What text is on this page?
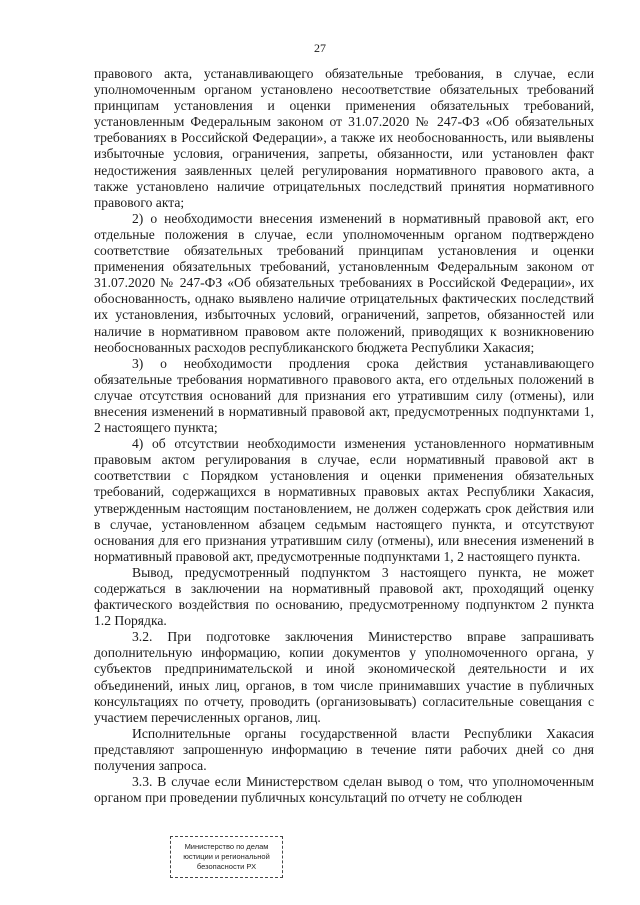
27

правового акта, устанавливающего обязательные требования, в случае, если уполномоченным органом установлено несоответствие обязательных требований принципам установления и оценки применения обязательных требований, установленным Федеральным законом от 31.07.2020 № 247-ФЗ «Об обязательных требованиях в Российской Федерации», а также их необоснованность, или выявлены избыточные условия, ограничения, запреты, обязанности, или установлен факт недостижения заявленных целей регулирования нормативного правового акта, а также установлено наличие отрицательных последствий принятия нормативного правового акта;

2) о необходимости внесения изменений в нормативный правовой акт, его отдельные положения в случае, если уполномоченным органом подтверждено соответствие обязательных требований принципам установления и оценки применения обязательных требований, установленным Федеральным законом от 31.07.2020 № 247-ФЗ «Об обязательных требованиях в Российской Федерации», их обоснованность, однако выявлено наличие отрицательных фактических последствий их установления, избыточных условий, ограничений, запретов, обязанностей или наличие в нормативном правовом акте положений, приводящих к возникновению необоснованных расходов республиканского бюджета Республики Хакасия;

3) о необходимости продления срока действия устанавливающего обязательные требования нормативного правового акта, его отдельных положений в случае отсутствия оснований для признания его утратившим силу (отмены), или внесения изменений в нормативный правовой акт, предусмотренных подпунктами 1, 2 настоящего пункта;

4) об отсутствии необходимости изменения установленного нормативным правовым актом регулирования в случае, если нормативный правовой акт в соответствии с Порядком установления и оценки применения обязательных требований, содержащихся в нормативных правовых актах Республики Хакасия, утвержденным настоящим постановлением, не должен содержать срок действия или в случае, установленном абзацем седьмым настоящего пункта, и отсутствуют основания для его признания утратившим силу (отмены), или внесения изменений в нормативный правовой акт, предусмотренные подпунктами 1, 2 настоящего пункта.

Вывод, предусмотренный подпунктом 3 настоящего пункта, не может содержаться в заключении на нормативный правовой акт, проходящий оценку фактического воздействия по основанию, предусмотренному подпунктом 2 пункта 1.2 Порядка.

3.2. При подготовке заключения Министерство вправе запрашивать дополнительную информацию, копии документов у уполномоченного органа, у субъектов предпринимательской и иной экономической деятельности и их объединений, иных лиц, органов, в том числе принимавших участие в публичных консультациях по отчету, проводить (организовывать) согласительные совещания с участием перечисленных органов, лиц.

Исполнительные органы государственной власти Республики Хакасия представляют запрошенную информацию в течение пяти рабочих дней со дня получения запроса.

3.3. В случае если Министерством сделан вывод о том, что уполномоченным органом при проведении публичных консультаций по отчету не соблюден

Министерство по делам
юстиции и региональной
безопасности РХ
